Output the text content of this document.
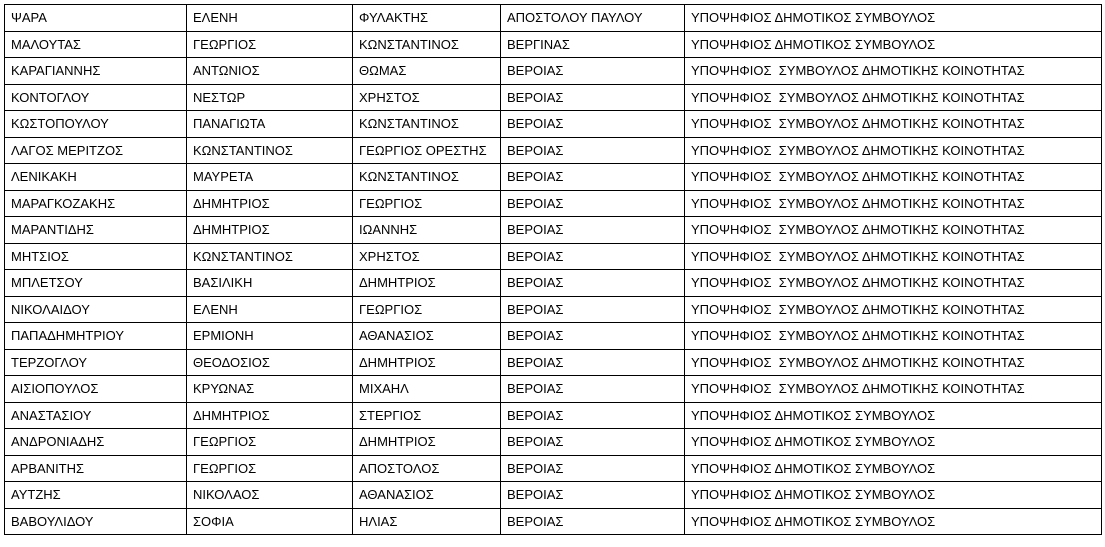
ΨΑΡΑ	ΕΛΕΝΗ	ΦΥΛΑΚΤΗΣ	ΑΠΟΣΤΟΛΟΥ ΠΑΥΛΟΥ	ΥΠΟΨΗΦΙΟΣ ΔΗΜΟΤΙΚΟΣ ΣΥΜΒΟΥΛΟΣ
ΜΑΛΟΥΤΑΣ	ΓΕΩΡΓΙΟΣ	ΚΩΝΣΤΑΝΤΙΝΟΣ	ΒΕΡΓΙΝΑΣ	ΥΠΟΨΗΦΙΟΣ ΔΗΜΟΤΙΚΟΣ ΣΥΜΒΟΥΛΟΣ
ΚΑΡΑΓΙΑΝΝΗΣ	ΑΝΤΩΝΙΟΣ	ΘΩΜΑΣ	ΒΕΡΟΙΑΣ	ΥΠΟΨΗΦΙΟΣ  ΣΥΜΒΟΥΛΟΣ ΔΗΜΟΤΙΚΗΣ ΚΟΙΝΟΤΗΤΑΣ
ΚΟΝΤΟΓΛΟΥ	ΝΕΣΤΩΡ	ΧΡΗΣΤΟΣ	ΒΕΡΟΙΑΣ	ΥΠΟΨΗΦΙΟΣ  ΣΥΜΒΟΥΛΟΣ ΔΗΜΟΤΙΚΗΣ ΚΟΙΝΟΤΗΤΑΣ
ΚΩΣΤΟΠΟΥΛΟΥ	ΠΑΝΑΓΙΩΤΑ	ΚΩΝΣΤΑΝΤΙΝΟΣ	ΒΕΡΟΙΑΣ	ΥΠΟΨΗΦΙΟΣ  ΣΥΜΒΟΥΛΟΣ ΔΗΜΟΤΙΚΗΣ ΚΟΙΝΟΤΗΤΑΣ
ΛΑΓΟΣ ΜΕΡΙΤΖΟΣ	ΚΩΝΣΤΑΝΤΙΝΟΣ	ΓΕΩΡΓΙΟΣ ΟΡΕΣΤΗΣ	ΒΕΡΟΙΑΣ	ΥΠΟΨΗΦΙΟΣ  ΣΥΜΒΟΥΛΟΣ ΔΗΜΟΤΙΚΗΣ ΚΟΙΝΟΤΗΤΑΣ
ΛΕΝΙΚΑΚΗ	ΜΑΥΡΕΤΑ	ΚΩΝΣΤΑΝΤΙΝΟΣ	ΒΕΡΟΙΑΣ	ΥΠΟΨΗΦΙΟΣ  ΣΥΜΒΟΥΛΟΣ ΔΗΜΟΤΙΚΗΣ ΚΟΙΝΟΤΗΤΑΣ
ΜΑΡΑΓΚΟΖΑΚΗΣ	ΔΗΜΗΤΡΙΟΣ	ΓΕΩΡΓΙΟΣ	ΒΕΡΟΙΑΣ	ΥΠΟΨΗΦΙΟΣ  ΣΥΜΒΟΥΛΟΣ ΔΗΜΟΤΙΚΗΣ ΚΟΙΝΟΤΗΤΑΣ
ΜΑΡΑΝΤΙΔΗΣ	ΔΗΜΗΤΡΙΟΣ	ΙΩΑΝΝΗΣ	ΒΕΡΟΙΑΣ	ΥΠΟΨΗΦΙΟΣ  ΣΥΜΒΟΥΛΟΣ ΔΗΜΟΤΙΚΗΣ ΚΟΙΝΟΤΗΤΑΣ
ΜΗΤΣΙΟΣ	ΚΩΝΣΤΑΝΤΙΝΟΣ	ΧΡΗΣΤΟΣ	ΒΕΡΟΙΑΣ	ΥΠΟΨΗΦΙΟΣ  ΣΥΜΒΟΥΛΟΣ ΔΗΜΟΤΙΚΗΣ ΚΟΙΝΟΤΗΤΑΣ
ΜΠΛΕΤΣΟΥ	ΒΑΣΙΛΙΚΗ	ΔΗΜΗΤΡΙΟΣ	ΒΕΡΟΙΑΣ	ΥΠΟΨΗΦΙΟΣ  ΣΥΜΒΟΥΛΟΣ ΔΗΜΟΤΙΚΗΣ ΚΟΙΝΟΤΗΤΑΣ
ΝΙΚΟΛΑΙΔΟΥ	ΕΛΕΝΗ	ΓΕΩΡΓΙΟΣ	ΒΕΡΟΙΑΣ	ΥΠΟΨΗΦΙΟΣ  ΣΥΜΒΟΥΛΟΣ ΔΗΜΟΤΙΚΗΣ ΚΟΙΝΟΤΗΤΑΣ
ΠΑΠΑΔΗΜΗΤΡΙΟΥ	ΕΡΜΙΟΝΗ	ΑΘΑΝΑΣΙΟΣ	ΒΕΡΟΙΑΣ	ΥΠΟΨΗΦΙΟΣ  ΣΥΜΒΟΥΛΟΣ ΔΗΜΟΤΙΚΗΣ ΚΟΙΝΟΤΗΤΑΣ
ΤΕΡΖΟΓΛΟΥ	ΘΕΟΔΟΣΙΟΣ	ΔΗΜΗΤΡΙΟΣ	ΒΕΡΟΙΑΣ	ΥΠΟΨΗΦΙΟΣ  ΣΥΜΒΟΥΛΟΣ ΔΗΜΟΤΙΚΗΣ ΚΟΙΝΟΤΗΤΑΣ
ΑΙΣΙΟΠΟΥΛΟΣ	ΚΡΥΩΝΑΣ	ΜΙΧΑΗΛ	ΒΕΡΟΙΑΣ	ΥΠΟΨΗΦΙΟΣ  ΣΥΜΒΟΥΛΟΣ ΔΗΜΟΤΙΚΗΣ ΚΟΙΝΟΤΗΤΑΣ
ΑΝΑΣΤΑΣΙΟΥ	ΔΗΜΗΤΡΙΟΣ	ΣΤΕΡΓΙΟΣ	ΒΕΡΟΙΑΣ	ΥΠΟΨΗΦΙΟΣ ΔΗΜΟΤΙΚΟΣ ΣΥΜΒΟΥΛΟΣ
ΑΝΔΡΟΝΙΑΔΗΣ	ΓΕΩΡΓΙΟΣ	ΔΗΜΗΤΡΙΟΣ	ΒΕΡΟΙΑΣ	ΥΠΟΨΗΦΙΟΣ ΔΗΜΟΤΙΚΟΣ ΣΥΜΒΟΥΛΟΣ
ΑΡΒΑΝΙΤΗΣ	ΓΕΩΡΓΙΟΣ	ΑΠΟΣΤΟΛΟΣ	ΒΕΡΟΙΑΣ	ΥΠΟΨΗΦΙΟΣ ΔΗΜΟΤΙΚΟΣ ΣΥΜΒΟΥΛΟΣ
ΑΥΤΖΗΣ	ΝΙΚΟΛΑΟΣ	ΑΘΑΝΑΣΙΟΣ	ΒΕΡΟΙΑΣ	ΥΠΟΨΗΦΙΟΣ ΔΗΜΟΤΙΚΟΣ ΣΥΜΒΟΥΛΟΣ
ΒΑΒΟΥΛΙΔΟΥ	ΣΟΦΙΑ	ΗΛΙΑΣ	ΒΕΡΟΙΑΣ	ΥΠΟΨΗΦΙΟΣ ΔΗΜΟΤΙΚΟΣ ΣΥΜΒΟΥΛΟΣ
